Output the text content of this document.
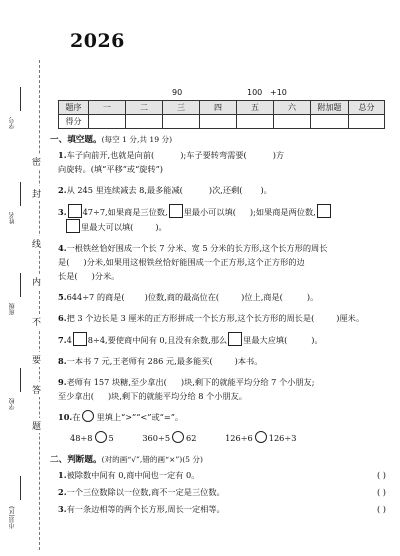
2026
密
封
线
内
不
要
答
题
学号
姓名
班级
学校
市县(区)
90	100 +10
题序	一	二	三	四	五	六	附加题	总分
得分								
一、填空题。(每空 1 分,共 19 分)
1.车子向前开,也就是向前(	);车子要转弯需要(	)方
向旋转。(填“平移”或“旋转”)
2.从 245 里连续减去 8,最多能减(	)次,还剩( )。
3. 47÷7,如果商是三位数, 里最小可以填( );如果商是两位数,
里最大可以填(	)。
4.一根铁丝恰好围成一个长 7 分米、宽 5 分米的长方形,这个长方形的周长
是( )分米,如果用这根铁丝恰好能围成一个正方形,这个正方形的边
长是( )分米。
5.644÷7 的商是( )位数,商的最高位在(	)位上,商是(	)。
6.把 3 个边长是 3 厘米的正方形拼成一个长方形,这个长方形的周长是(	)厘米。
7.4 8÷4,要使商中间有 0,且没有余数,那么 里最大应填(	)。
8.一本书 7 元,王老师有 286 元,最多能买(	)本书。
9.老师有 157 块糖,至少拿出( )块,剩下的就能平均分给 7 个小朋友;
至少拿出( )块,剩下的就能平均分给 8 个小朋友。
10.在 里填上“>”“<”或“=”。
48÷8 5	360÷5 62	126÷6 126÷3
二、判断题。(对的画“√”,错的画“×”)(5 分)
1.被除数中间有 0,商中间也一定有 0。	( )
2.一个三位数除以一位数,商不一定是三位数。	( )
3.有一条边相等的两个长方形,周长一定相等。	( )
